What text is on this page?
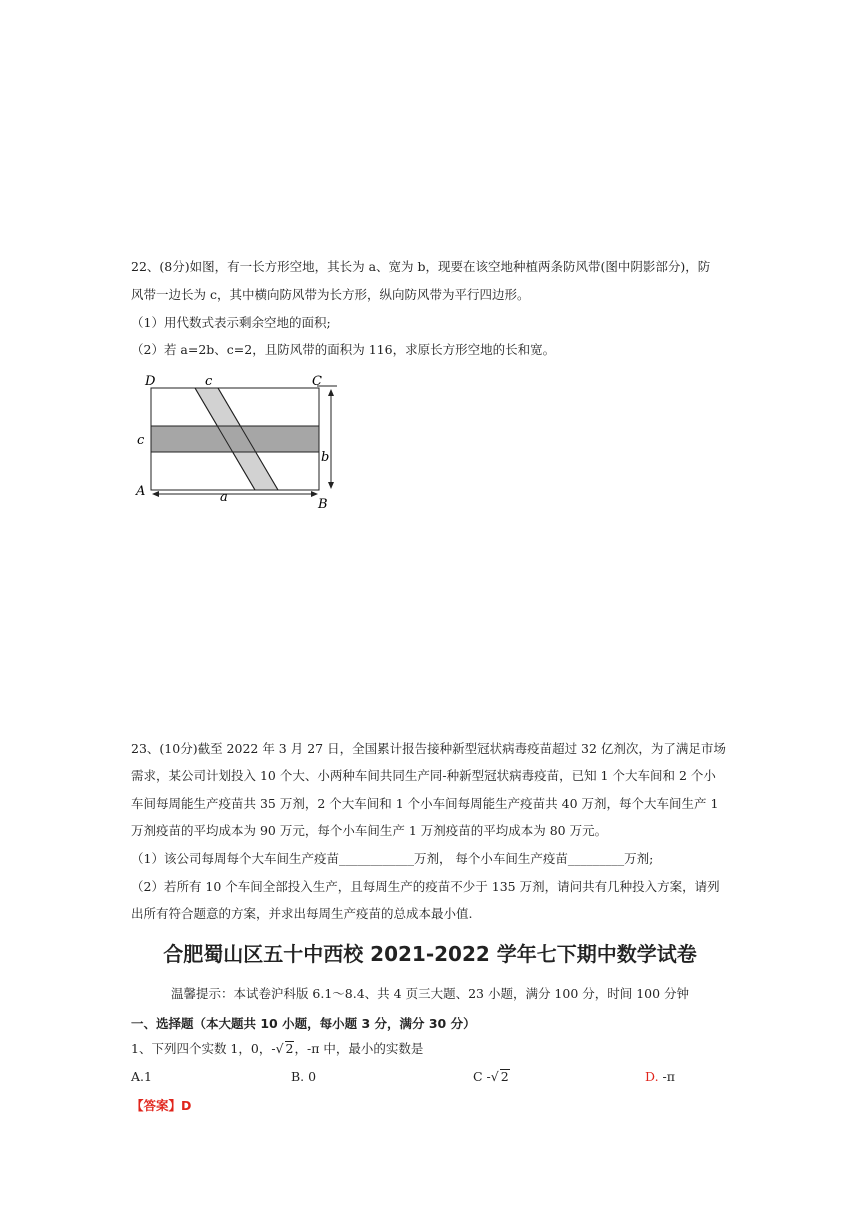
22、(8分)如图，有一长方形空地，其长为 a、宽为 b，现要在该空地种植两条防风带(图中阴影部分)，防

风带一边长为 c，其中横向防风带为长方形，纵向防风带为平行四边形。

（1）用代数式表示剩余空地的面积;

（2）若 a=2b、c=2，且防风带的面积为 116，求原长方形空地的长和宽。

D	c	C
c
b
A	a	B

23、(10分)截至 2022 年 3 月 27 日，全国累计报告接种新型冠状病毒疫苗超过 32 亿剂次，为了满足市场

需求，某公司计划投入 10 个大、小两种车间共同生产同-种新型冠状病毒疫苗，已知 1 个大车间和 2 个小

车间每周能生产疫苗共 35 万剂，2 个大车间和 1 个小车间每周能生产疫苗共 40 万剂，每个大车间生产 1

万剂疫苗的平均成本为 90 万元，每个小车间生产 1 万剂疫苗的平均成本为 80 万元。

（1）该公司每周每个大车间生产疫苗____________万剂， 每个小车间生产疫苗_________万剂;

（2）若所有 10 个车间全部投入生产，且每周生产的疫苗不少于 135 万剂，请问共有几种投入方案，请列

出所有符合题意的方案，并求出每周生产疫苗的总成本最小值.

合肥蜀山区五十中西校 2021-2022 学年七下期中数学试卷
温馨提示：本试卷沪科版 6.1～8.4、共 4 页三大题、23 小题，满分 100 分，时间 100 分钟
一、选择题（本大题共 10 小题，每小题 3 分，满分 30 分）

1、下列四个实数 1，0，-√ 2，-π 中，最小的实数是

A.1	B. 0	C -√ 2	D. -π
【答案】D
